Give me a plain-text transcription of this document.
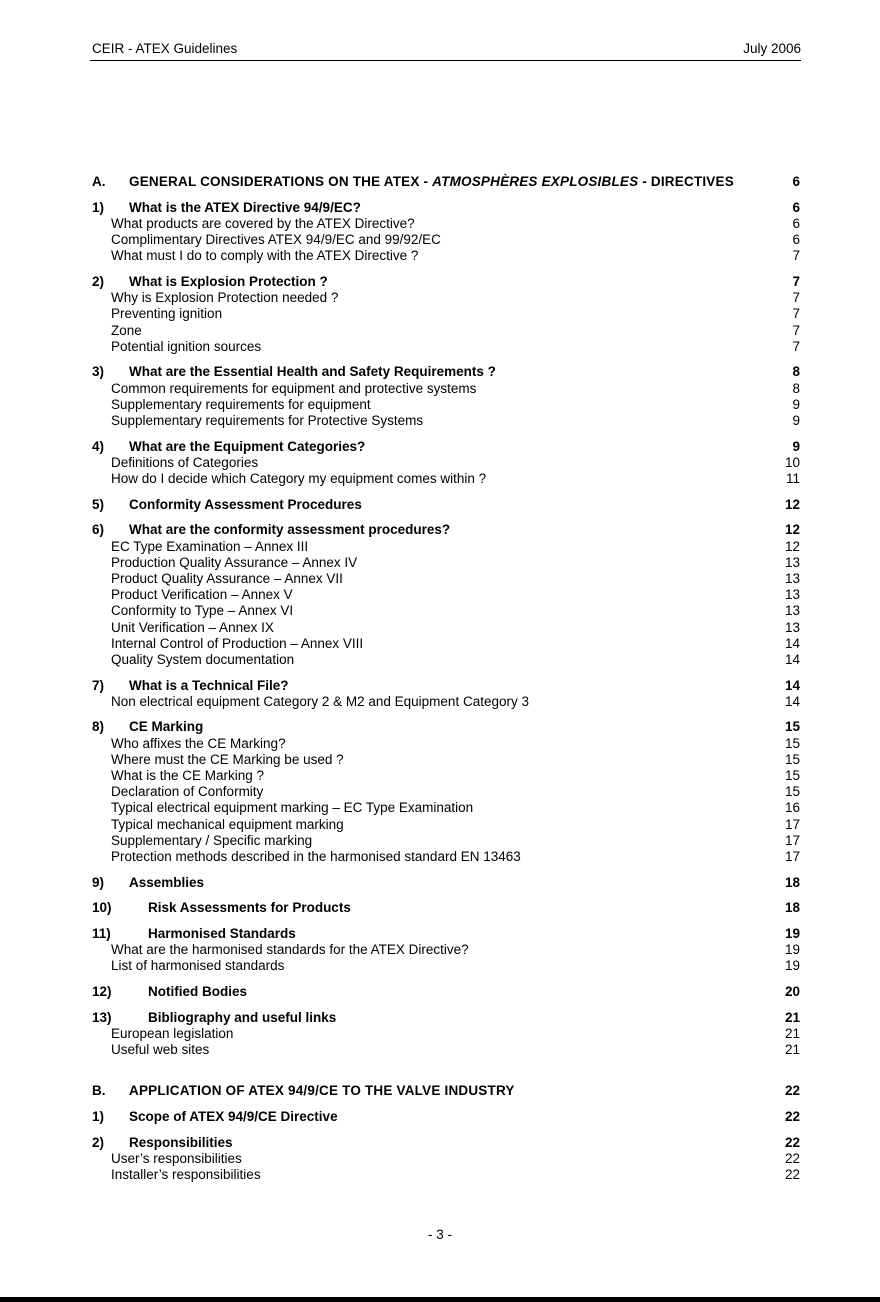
CEIR - ATEX Guidelines	July 2006
A. GENERAL CONSIDERATIONS ON THE ATEX - ATMOSPHÈRES EXPLOSIBLES - DIRECTIVES	6
1) What is the ATEX Directive 94/9/EC?	6
What products are covered by the ATEX Directive?	6
Complimentary Directives ATEX 94/9/EC and 99/92/EC	6
What must I do to comply with the ATEX Directive ?	7
2) What is Explosion Protection ?	7
Why is Explosion Protection needed ?	7
Preventing ignition	7
Zone	7
Potential ignition sources	7
3) What are the Essential Health and Safety Requirements ?	8
Common requirements for equipment and protective systems	8
Supplementary requirements for equipment	9
Supplementary requirements for Protective Systems	9
4) What are the Equipment Categories?	9
Definitions of Categories	10
How do I decide which Category my equipment comes within ?	11
5) Conformity Assessment Procedures	12
6) What are the conformity assessment procedures?	12
EC Type Examination – Annex III	12
Production Quality Assurance – Annex IV	13
Product Quality Assurance – Annex VII	13
Product Verification – Annex V	13
Conformity to Type – Annex VI	13
Unit Verification – Annex IX	13
Internal Control of Production – Annex VIII	14
Quality System documentation	14
7) What is a Technical File?	14
Non electrical equipment Category 2 & M2 and Equipment Category 3	14
8) CE Marking	15
Who affixes the CE Marking?	15
Where must the CE Marking be used ?	15
What is the CE Marking ?	15
Declaration of Conformity	15
Typical electrical equipment marking – EC Type Examination	16
Typical mechanical equipment marking	17
Supplementary / Specific marking	17
Protection methods described in the harmonised standard EN 13463	17
9) Assemblies	18
10)	Risk Assessments for Products	18
11)	Harmonised Standards	19
What are the harmonised standards for the ATEX Directive?	19
List of harmonised standards	19
12)	Notified Bodies	20
13)	Bibliography and useful links	21
European legislation	21
Useful web sites	21
B. APPLICATION OF ATEX 94/9/CE TO THE VALVE INDUSTRY	22
1) Scope of ATEX 94/9/CE Directive	22
2) Responsibilities	22
User’s responsibilities	22
Installer’s responsibilities	22
- 3 -
